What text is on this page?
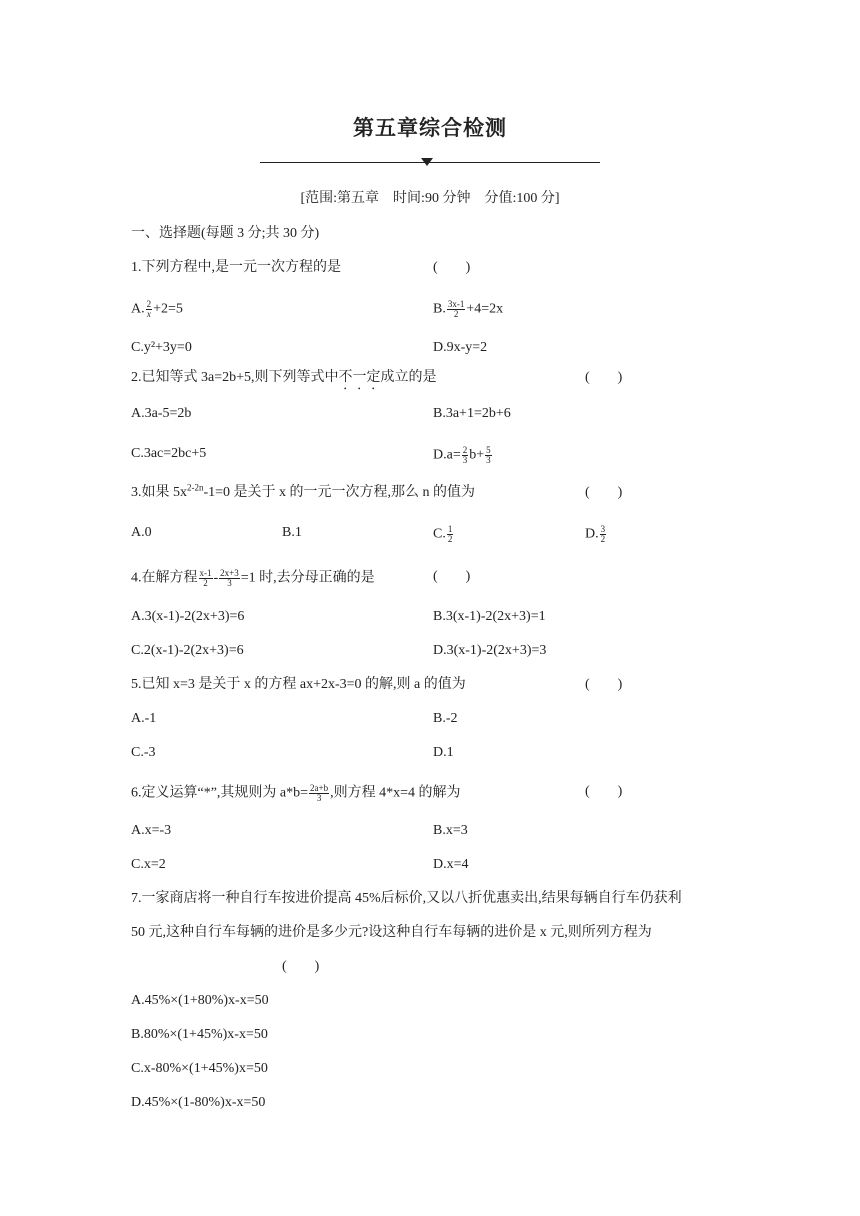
第五章综合检测
[范围:第五章　时间:90 分钟　分值:100 分]
一、选择题(每题 3 分;共 30 分)
1.下列方程中,是一元一次方程的是	(　　)
A. $\frac{2}{x} +2=5$	B. $\frac{3x-1}{2} +4=2x$
C.y²+3y=0	D.9x-y=2
2.已知等式 3a=2b+5,则下列等式中不一定成立的是	(　　)
A.3a-5=2b	B.3a+1=2b+6
C.3ac=2bc+5	$D.a= \frac{2}{3} b+ \frac{5}{3}$
3.如果 $5x^{2-2n}-1=0$ 是关于 x 的一元一次方程,那么 n 的值为	(　　)
A.0	B.1	C. $\frac{1}{2}$	D. $\frac{3}{2}$
4.在解方程 $\frac{x-1}{2} - \frac{2x+3}{3} =1$ 时,去分母正确的是	(　　)
A.3(x-1)-2(2x+3)=6	B.3(x-1)-2(2x+3)=1
C.2(x-1)-2(2x+3)=6	D.3(x-1)-2(2x+3)=3
5.已知 x=3 是关于 x 的方程 ax+2x-3=0 的解,则 a 的值为	(　　)
A.-1	B.-2
C.-3	D.1
6.定义运算“*”,其规则为 $a*b= \frac{2a+b}{3}$ ,则方程 4*x=4 的解为	(　　)
A.x=-3	B.x=3
C.x=2	D.x=4
7.一家商店将一种自行车按进价提高 45%后标价,又以八折优惠卖出,结果每辆自行车仍获利
50 元,这种自行车每辆的进价是多少元?设这种自行车每辆的进价是 x 元,则所列方程为
(　　)
A.45%×(1+80%)x-x=50
B.80%×(1+45%)x-x=50
C.x-80%×(1+45%)x=50
D.45%×(1-80%)x-x=50
